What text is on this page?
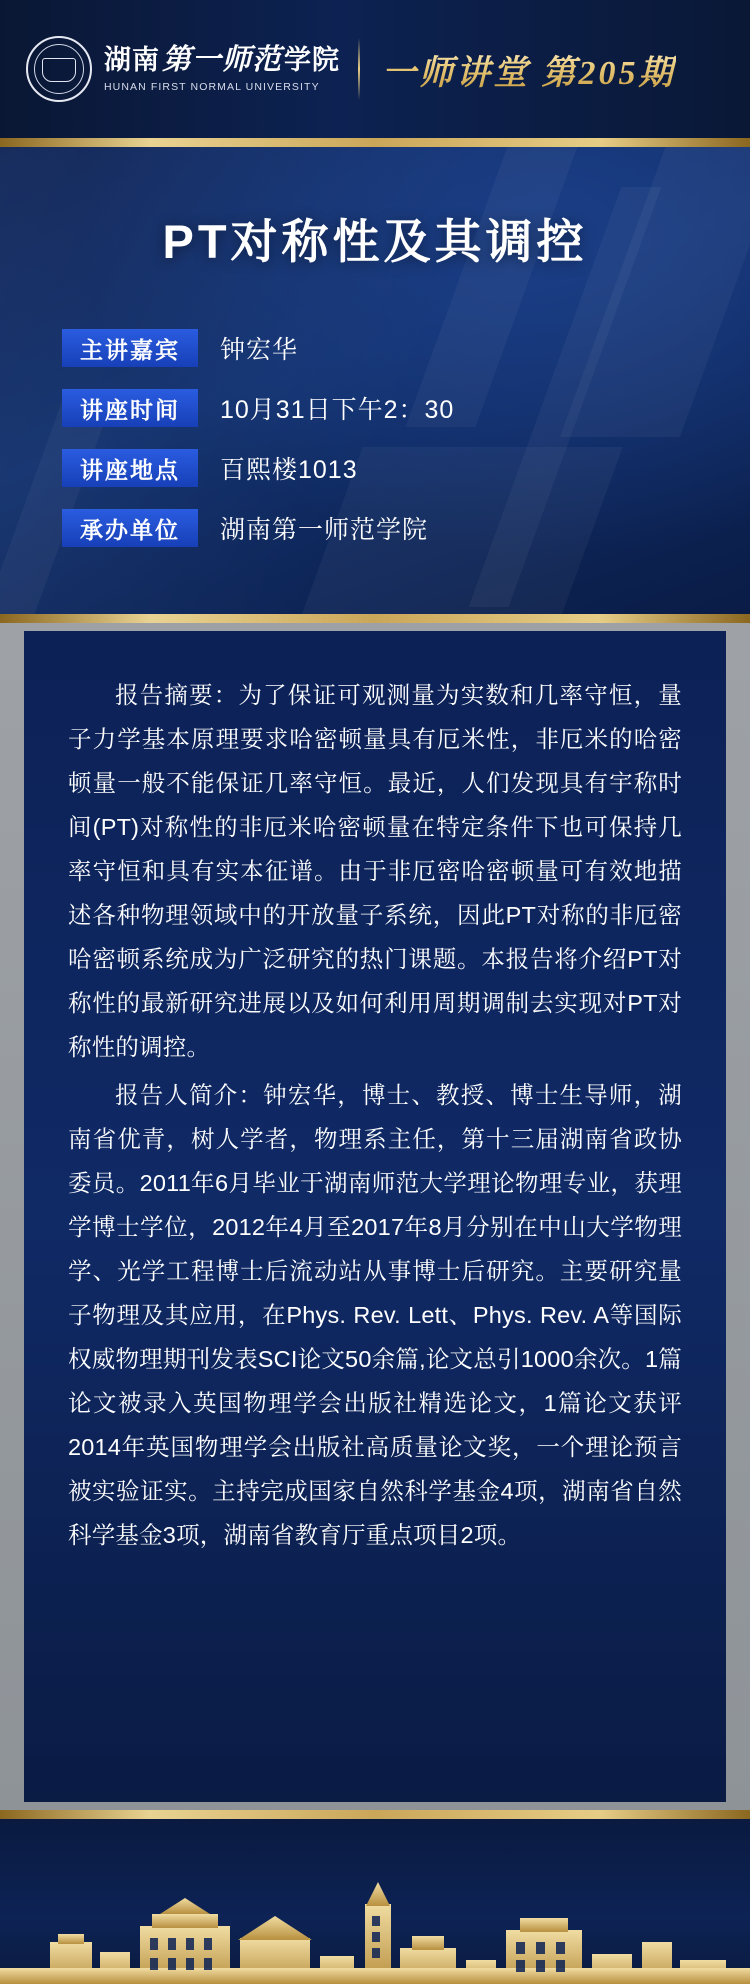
湖南第一师范学院
HUNAN FIRST NORMAL UNIVERSITY	一师讲堂 第205期
PT对称性及其调控
主讲嘉宾	钟宏华
讲座时间	10月31日下午2：30
讲座地点	百熙楼1013
承办单位	湖南第一师范学院

报告摘要：为了保证可观测量为实数和几率守恒，量子力学基本原理要求哈密顿量具有厄米性，非厄米的哈密顿量一般不能保证几率守恒。最近，人们发现具有宇称时间(PT)对称性的非厄米哈密顿量在特定条件下也可保持几率守恒和具有实本征谱。由于非厄密哈密顿量可有效地描述各种物理领域中的开放量子系统，因此PT对称的非厄密哈密顿系统成为广泛研究的热门课题。本报告将介绍PT对称性的最新研究进展以及如何利用周期调制去实现对PT对称性的调控。

报告人简介：钟宏华，博士、教授、博士生导师，湖南省优青，树人学者，物理系主任，第十三届湖南省政协委员。2011年6月毕业于湖南师范大学理论物理专业，获理学博士学位，2012年4月至2017年8月分别在中山大学物理学、光学工程博士后流动站从事博士后研究。主要研究量子物理及其应用，在Phys. Rev. Lett、Phys. Rev. A等国际权威物理期刊发表SCI论文50余篇,论文总引1000余次。1篇论文被录入英国物理学会出版社精选论文，1篇论文获评2014年英国物理学会出版社高质量论文奖，一个理论预言被实验证实。主持完成国家自然科学基金4项，湖南省自然科学基金3项，湖南省教育厅重点项目2项。
